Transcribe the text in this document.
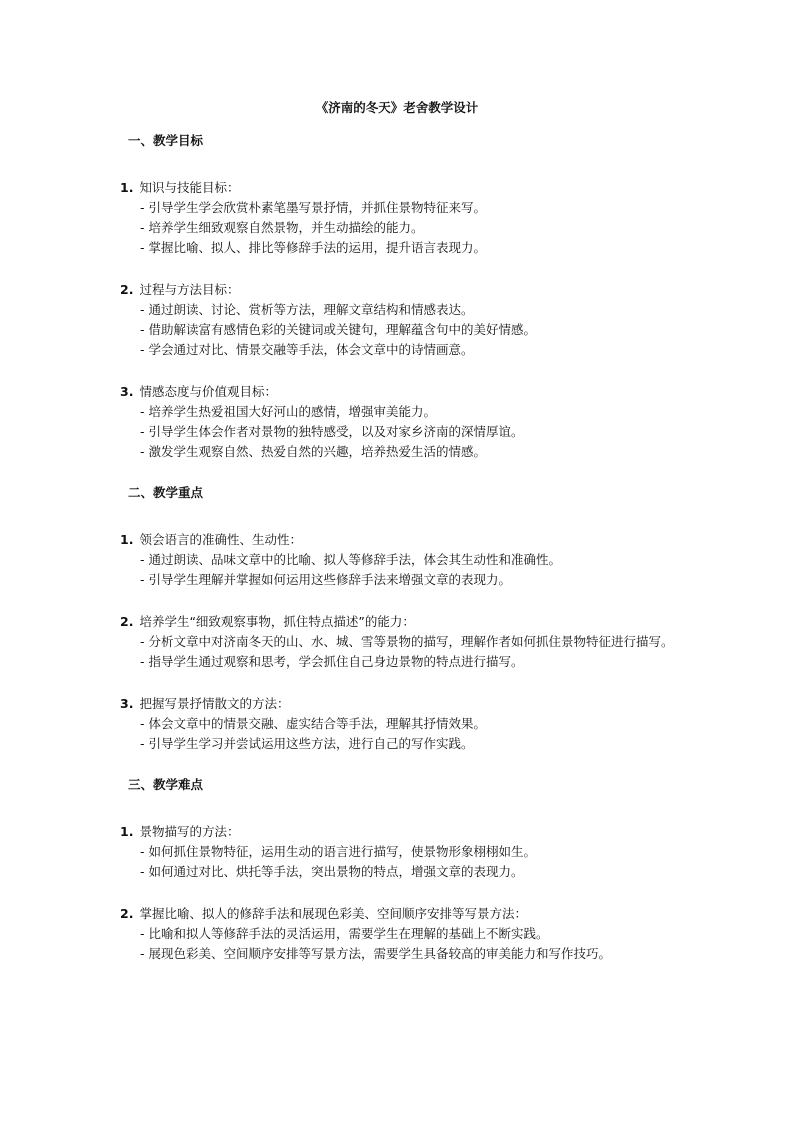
《济南的冬天》老舍教学设计
一、教学目标
1. 知识与技能目标：
- 引导学生学会欣赏朴素笔墨写景抒情，并抓住景物特征来写。
- 培养学生细致观察自然景物，并生动描绘的能力。
- 掌握比喻、拟人、排比等修辞手法的运用，提升语言表现力。
2. 过程与方法目标：
- 通过朗读、讨论、赏析等方法，理解文章结构和情感表达。
- 借助解读富有感情色彩的关键词或关键句，理解蕴含句中的美好情感。
- 学会通过对比、情景交融等手法，体会文章中的诗情画意。
3. 情感态度与价值观目标：
- 培养学生热爱祖国大好河山的感情，增强审美能力。
- 引导学生体会作者对景物的独特感受，以及对家乡济南的深情厚谊。
- 激发学生观察自然、热爱自然的兴趣，培养热爱生活的情感。
二、教学重点
1. 领会语言的准确性、生动性：
- 通过朗读、品味文章中的比喻、拟人等修辞手法，体会其生动性和准确性。
- 引导学生理解并掌握如何运用这些修辞手法来增强文章的表现力。
2. 培养学生“细致观察事物，抓住特点描述”的能力：
- 分析文章中对济南冬天的山、水、城、雪等景物的描写，理解作者如何抓住景物特征进行描写。
- 指导学生通过观察和思考，学会抓住自己身边景物的特点进行描写。
3. 把握写景抒情散文的方法：
- 体会文章中的情景交融、虚实结合等手法，理解其抒情效果。
- 引导学生学习并尝试运用这些方法，进行自己的写作实践。
三、教学难点
1. 景物描写的方法：
- 如何抓住景物特征，运用生动的语言进行描写，使景物形象栩栩如生。
- 如何通过对比、烘托等手法，突出景物的特点，增强文章的表现力。
2. 掌握比喻、拟人的修辞手法和展现色彩美、空间顺序安排等写景方法：
- 比喻和拟人等修辞手法的灵活运用，需要学生在理解的基础上不断实践。
- 展现色彩美、空间顺序安排等写景方法，需要学生具备较高的审美能力和写作技巧。
